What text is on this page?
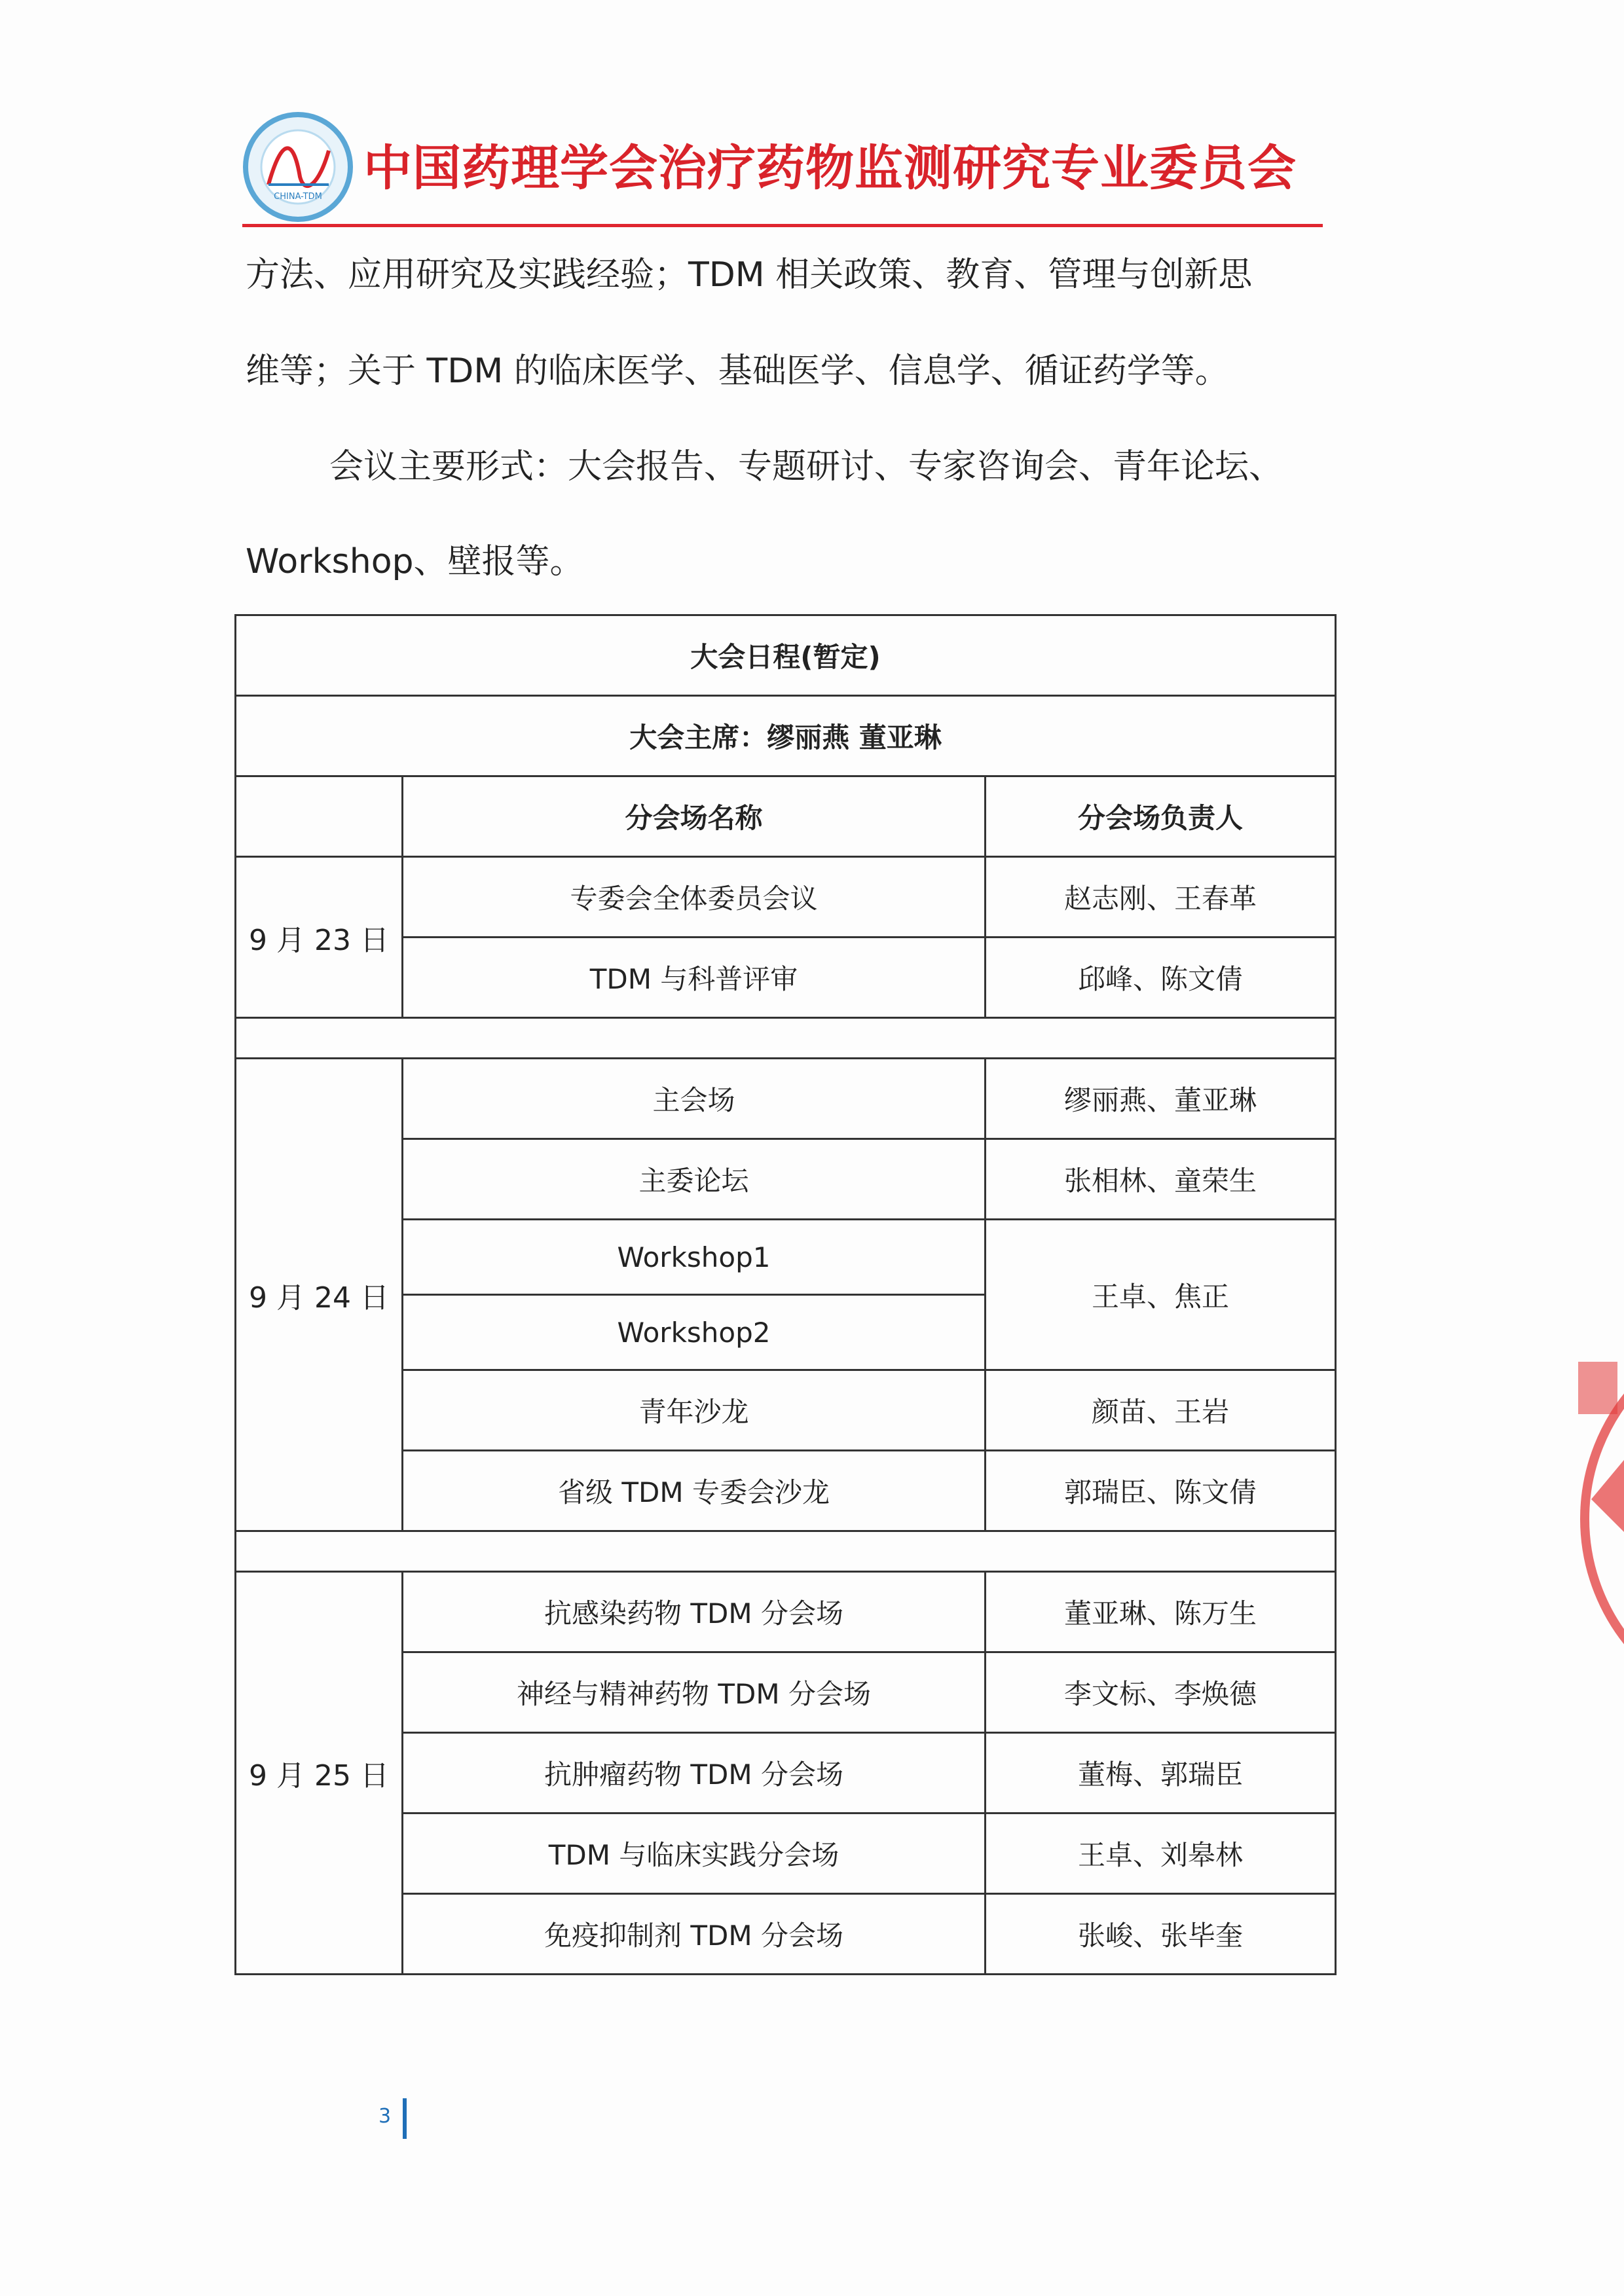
CHINA-TDM
中国药理学会治疗药物监测研究专业委员会
方法、应用研究及实践经验；TDM 相关政策、教育、管理与创新思
维等；关于 TDM 的临床医学、基础医学、信息学、循证药学等。
会议主要形式：大会报告、专题研讨、专家咨询会、青年论坛、
Workshop、壁报等。
大会日程(暂定)		
大会主席：缪丽燕 董亚琳		
	分会场名称	分会场负责人
9 月 23 日	专委会全体委员会议	赵志刚、王春革
	TDM 与科普评审	邱峰、陈文倩

9 月 24 日	主会场	缪丽燕、董亚琳
	主委论坛	张相林、童荣生
	Workshop1	王卓、焦正
	Workshop2	
	青年沙龙	颜苗、王岩
	省级 TDM 专委会沙龙	郭瑞臣、陈文倩

9 月 25 日	抗感染药物 TDM 分会场	董亚琳、陈万生
	神经与精神药物 TDM 分会场	李文标、李焕德
	抗肿瘤药物 TDM 分会场	董梅、郭瑞臣
	TDM 与临床实践分会场	王卓、刘皋林
	免疫抑制剂 TDM 分会场	张峻、张毕奎
3
